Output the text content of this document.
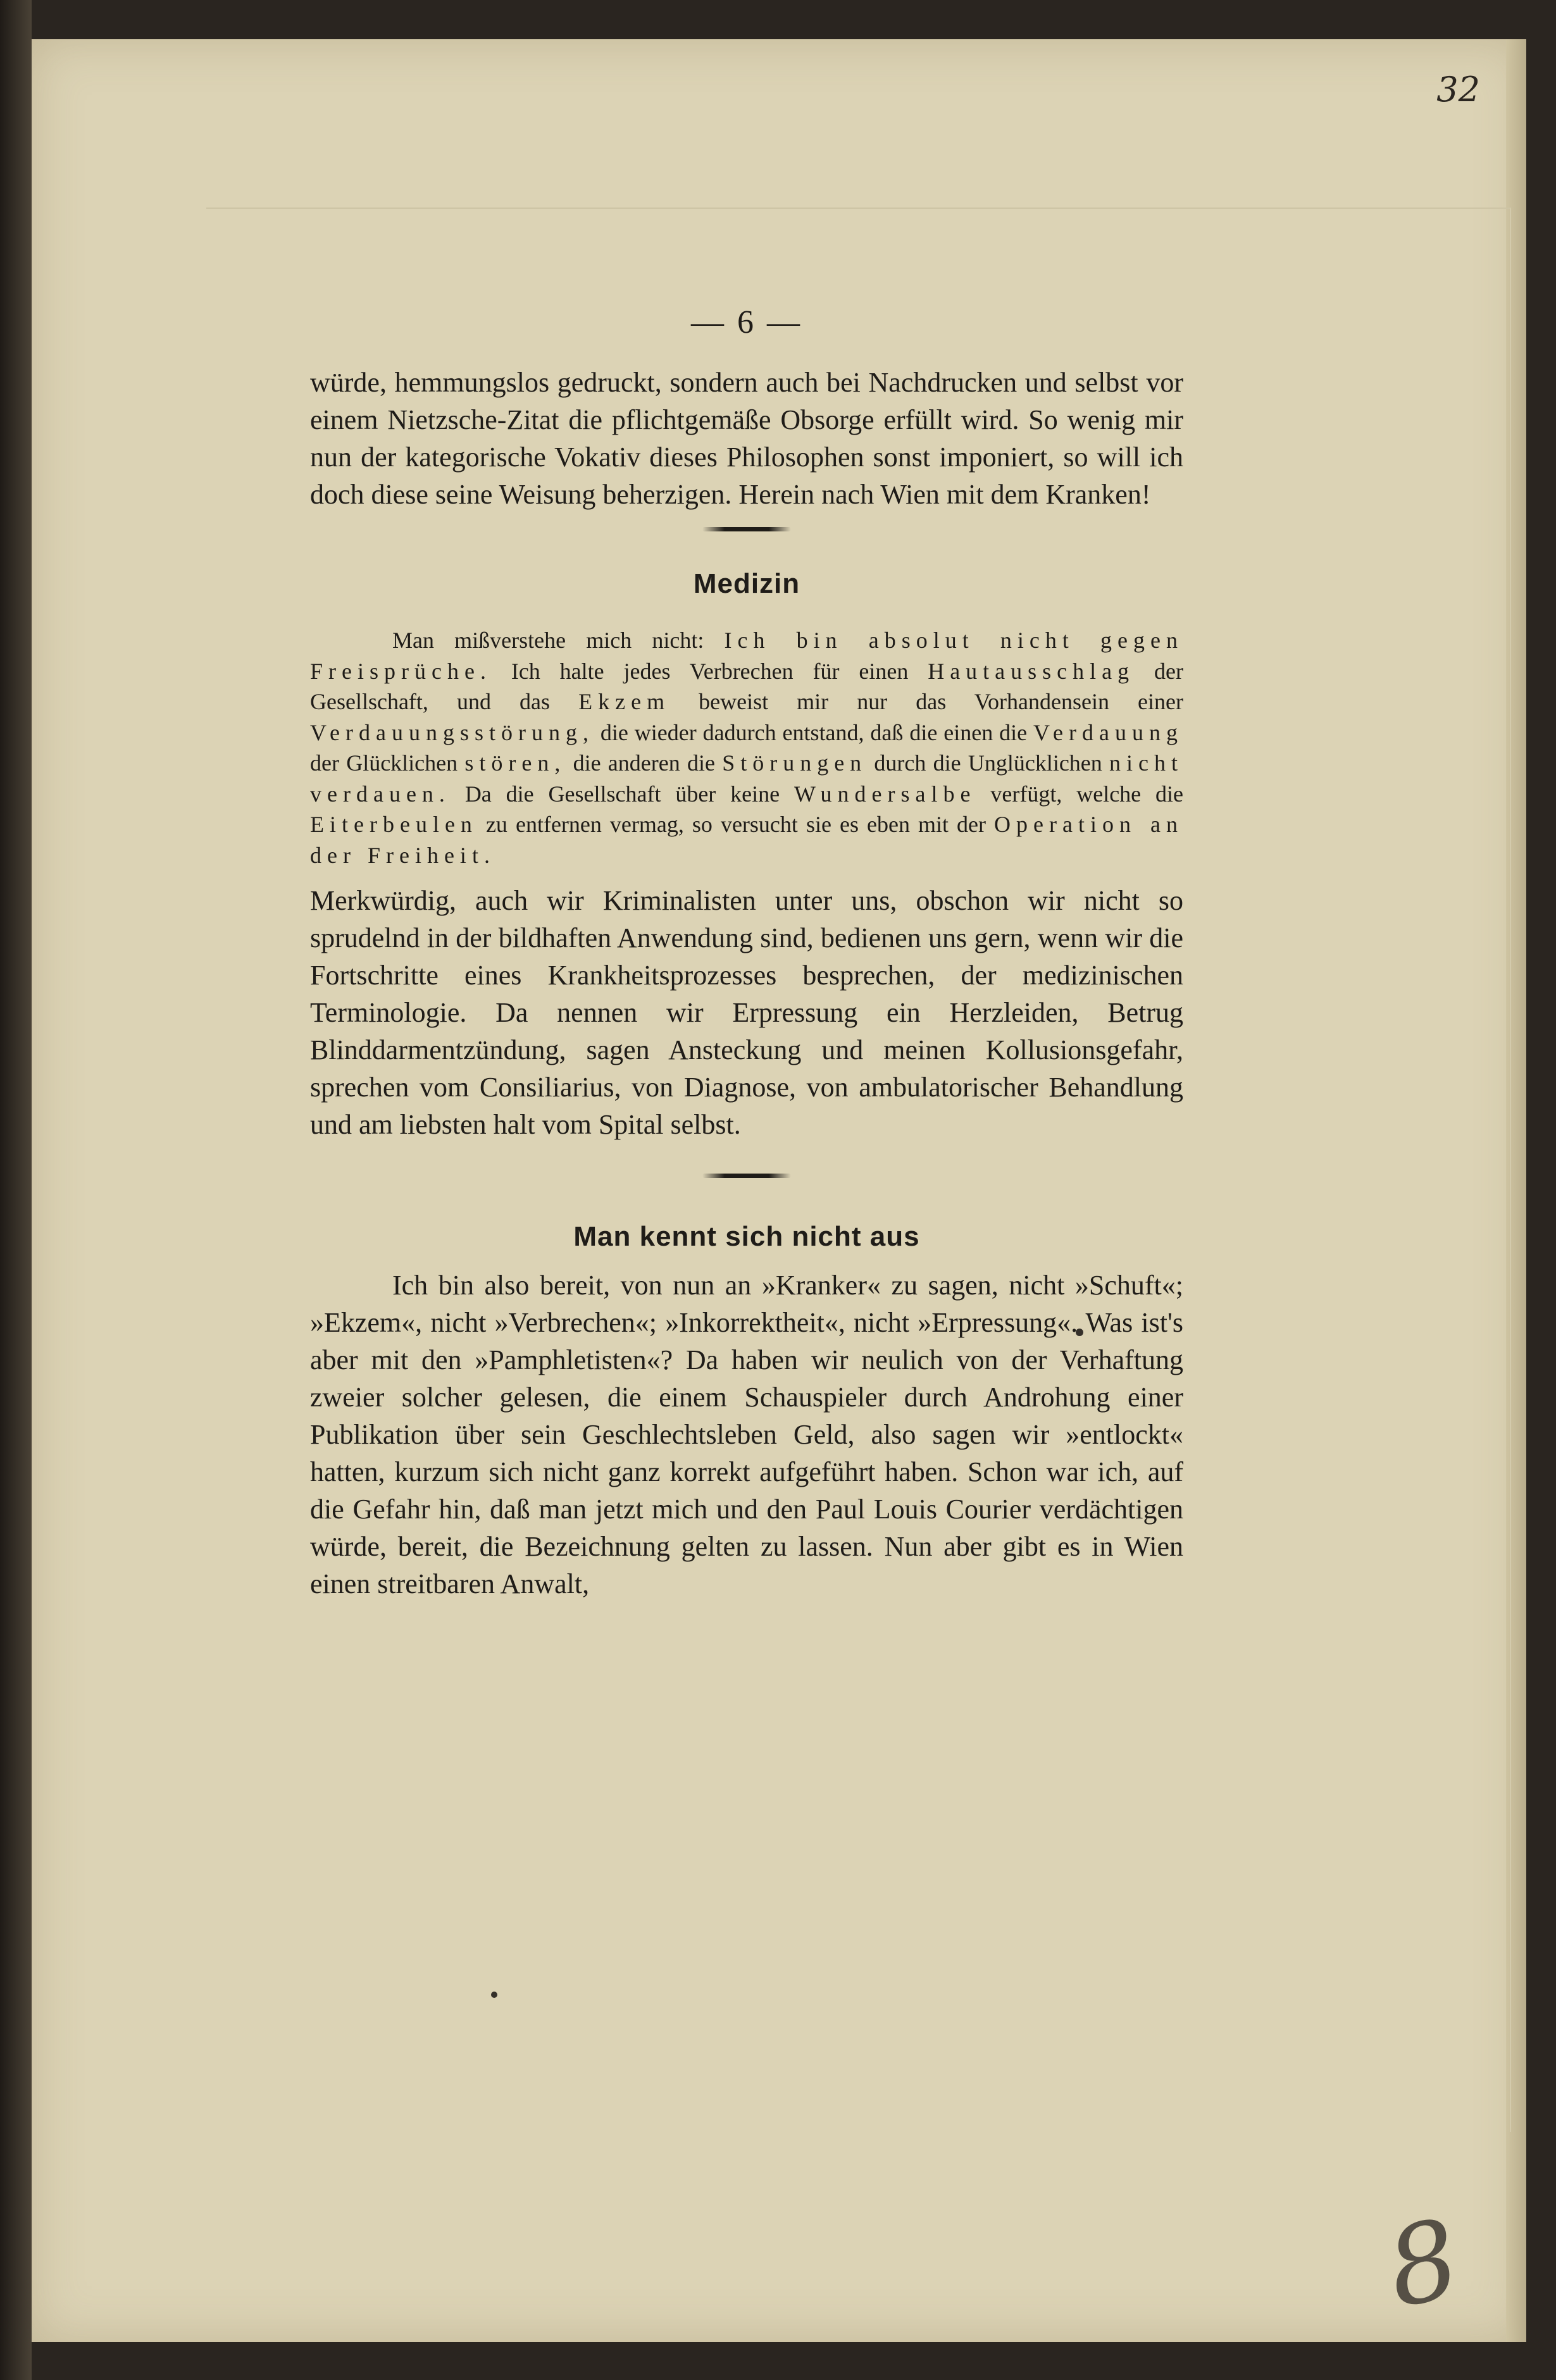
32
8
— 6 —

würde, hemmungslos gedruckt, sondern auch bei Nachdrucken und selbst vor einem Nietzsche-Zitat die pflichtgemäße Obsorge erfüllt wird. So wenig mir nun der kategorische Vokativ dieses Philosophen sonst imponiert, so will ich doch diese seine Weisung beherzigen. Herein nach Wien mit dem Kranken!

Medizin

Man mißverstehe mich nicht: Ich bin absolut nicht gegen Freisprüche. Ich halte jedes Verbrechen für einen Hautausschlag der Gesellschaft, und das Ekzem beweist mir nur das Vorhandensein einer Verdauungsstörung, die wieder dadurch entstand, daß die einen die Verdauung der Glücklichen stören, die anderen die Störungen durch die Unglücklichen nicht verdauen. Da die Gesellschaft über keine Wundersalbe verfügt, welche die Eiterbeulen zu entfernen vermag, so versucht sie es eben mit der Operation an der Freiheit.

Merkwürdig, auch wir Kriminalisten unter uns, obschon wir nicht so sprudelnd in der bildhaften Anwendung sind, bedienen uns gern, wenn wir die Fortschritte eines Krankheitsprozesses besprechen, der medizinischen Terminologie. Da nennen wir Erpressung ein Herzleiden, Betrug Blinddarmentzündung, sagen Ansteckung und meinen Kollusionsgefahr, sprechen vom Consiliarius, von Diagnose, von ambulatorischer Behandlung und am liebsten halt vom Spital selbst.

Man kennt sich nicht aus

Ich bin also bereit, von nun an »Kranker« zu sagen, nicht »Schuft«; »Ekzem«, nicht »Verbrechen«; »Inkorrektheit«, nicht »Erpressung«. Was ist's aber mit den »Pamphletisten«? Da haben wir neulich von der Verhaftung zweier solcher gelesen, die einem Schauspieler durch Androhung einer Publikation über sein Geschlechtsleben Geld, also sagen wir »entlockt« hatten, kurzum sich nicht ganz korrekt aufgeführt haben. Schon war ich, auf die Gefahr hin, daß man jetzt mich und den Paul Louis Courier verdächtigen würde, bereit, die Bezeichnung gelten zu lassen. Nun aber gibt es in Wien einen streitbaren Anwalt,
